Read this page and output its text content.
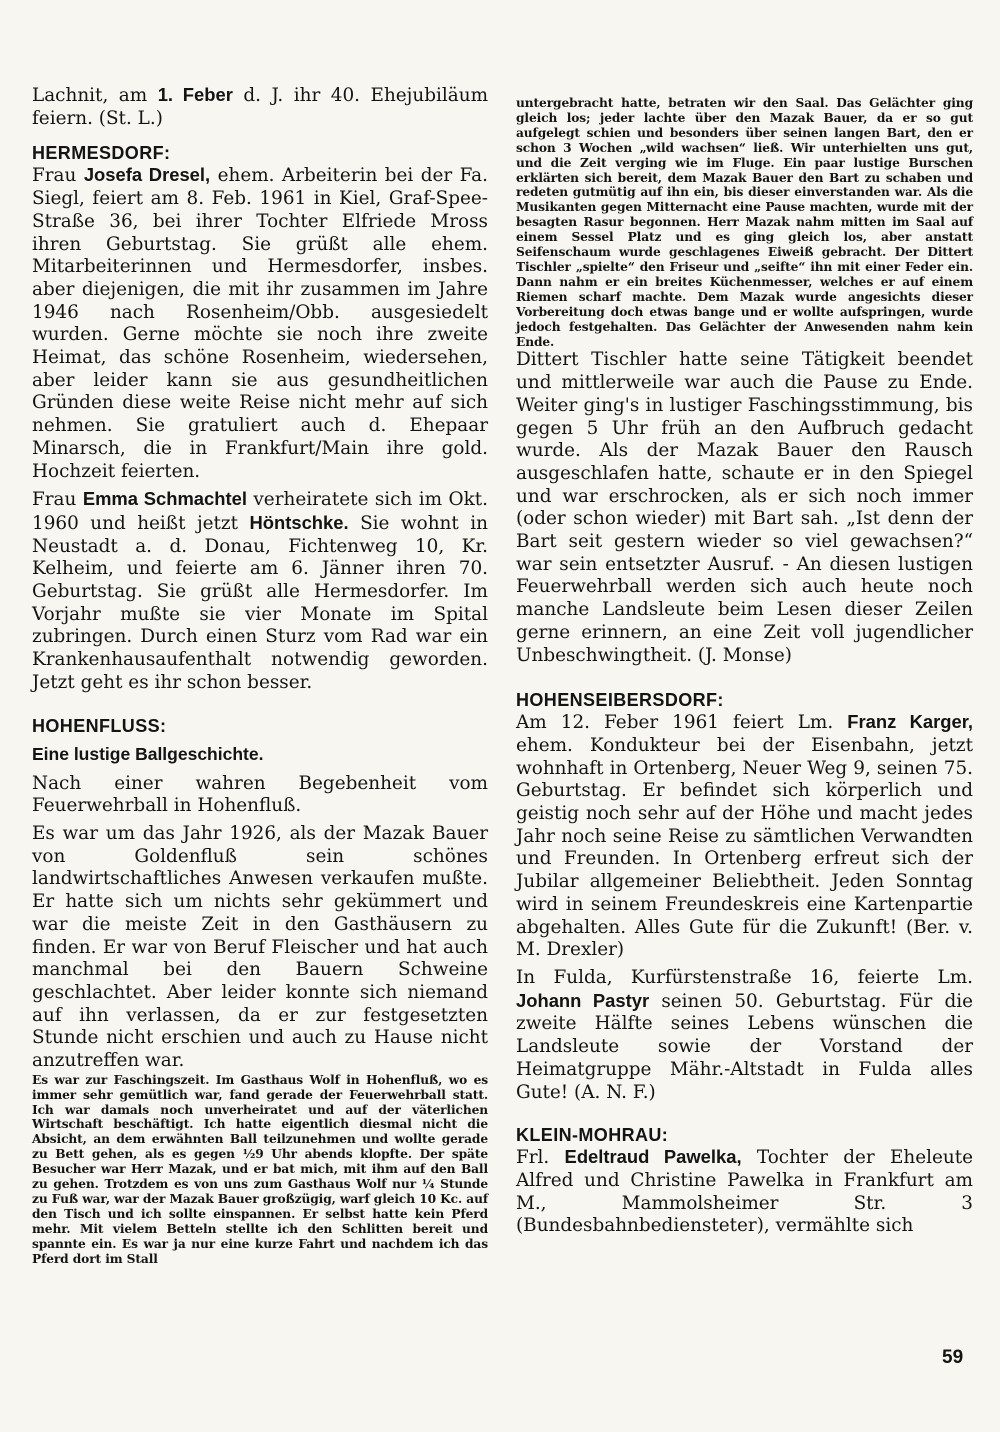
Lachnit, am 1. Feber d. J. ihr 40. Ehejubiläum feiern. (St. L.)

HERMESDORF:

Frau Josefa Dresel, ehem. Arbeiterin bei der Fa. Siegl, feiert am 8. Feb. 1961 in Kiel, Graf-Spee-Straße 36, bei ihrer Tochter Elfriede Mross ihren Geburtstag. Sie grüßt alle ehem. Mitarbeiterinnen und Hermesdorfer, insbes. aber diejenigen, die mit ihr zusammen im Jahre 1946 nach Rosenheim/Obb. ausgesiedelt wurden. Gerne möchte sie noch ihre zweite Heimat, das schöne Rosenheim, wiedersehen, aber leider kann sie aus gesundheitlichen Gründen diese weite Reise nicht mehr auf sich nehmen. Sie gratuliert auch d. Ehepaar Minarsch, die in Frankfurt/Main ihre gold. Hochzeit feierten.

Frau Emma Schmachtel verheiratete sich im Okt. 1960 und heißt jetzt Höntschke. Sie wohnt in Neustadt a. d. Donau, Fichtenweg 10, Kr. Kelheim, und feierte am 6. Jänner ihren 70. Geburtstag. Sie grüßt alle Hermesdorfer. Im Vorjahr mußte sie vier Monate im Spital zubringen. Durch einen Sturz vom Rad war ein Krankenhausaufenthalt notwendig geworden. Jetzt geht es ihr schon besser.

HOHENFLUSS:
Eine lustige Ballgeschichte.

Nach einer wahren Begebenheit vom Feuerwehrball in Hohenfluß.

Es war um das Jahr 1926, als der Mazak Bauer von Goldenfluß sein schönes landwirtschaftliches Anwesen verkaufen mußte. Er hatte sich um nichts sehr gekümmert und war die meiste Zeit in den Gasthäusern zu finden. Er war von Beruf Fleischer und hat auch manchmal bei den Bauern Schweine geschlachtet. Aber leider konnte sich niemand auf ihn verlassen, da er zur festgesetzten Stunde nicht erschien und auch zu Hause nicht anzutreffen war.

Es war zur Faschingszeit. Im Gasthaus Wolf in Hohenfluß, wo es immer sehr gemütlich war, fand gerade der Feuerwehrball statt. Ich war damals noch unverheiratet und auf der väterlichen Wirtschaft beschäftigt. Ich hatte eigentlich diesmal nicht die Absicht, an dem erwähnten Ball teilzunehmen und wollte gerade zu Bett gehen, als es gegen ½9 Uhr abends klopfte. Der späte Besucher war Herr Mazak, und er bat mich, mit ihm auf den Ball zu gehen. Trotzdem es von uns zum Gasthaus Wolf nur ¼ Stunde zu Fuß war, war der Mazak Bauer großzügig, warf gleich 10 Kc. auf den Tisch und ich sollte einspannen. Er selbst hatte kein Pferd mehr. Mit vielem Betteln stellte ich den Schlitten bereit und spannte ein. Es war ja nur eine kurze Fahrt und nachdem ich das Pferd dort im Stall

untergebracht hatte, betraten wir den Saal. Das Gelächter ging gleich los; jeder lachte über den Mazak Bauer, da er so gut aufgelegt schien und besonders über seinen langen Bart, den er schon 3 Wochen „wild wachsen“ ließ. Wir unterhielten uns gut, und die Zeit verging wie im Fluge. Ein paar lustige Burschen erklärten sich bereit, dem Mazak Bauer den Bart zu schaben und redeten gutmütig auf ihn ein, bis dieser einverstanden war. Als die Musikanten gegen Mitternacht eine Pause machten, wurde mit der besagten Rasur begonnen. Herr Mazak nahm mitten im Saal auf einem Sessel Platz und es ging gleich los, aber anstatt Seifenschaum wurde geschlagenes Eiweiß gebracht. Der Dittert Tischler „spielte“ den Friseur und „seifte“ ihn mit einer Feder ein. Dann nahm er ein breites Küchenmesser, welches er auf einem Riemen scharf machte. Dem Mazak wurde angesichts dieser Vorbereitung doch etwas bange und er wollte aufspringen, wurde jedoch festgehalten. Das Gelächter der Anwesenden nahm kein Ende.

Dittert Tischler hatte seine Tätigkeit beendet und mittlerweile war auch die Pause zu Ende. Weiter ging's in lustiger Faschingsstimmung, bis gegen 5 Uhr früh an den Aufbruch gedacht wurde. Als der Mazak Bauer den Rausch ausgeschlafen hatte, schaute er in den Spiegel und war erschrocken, als er sich noch immer (oder schon wieder) mit Bart sah. „Ist denn der Bart seit gestern wieder so viel gewachsen?“ war sein entsetzter Ausruf. - An diesen lustigen Feuerwehrball werden sich auch heute noch manche Landsleute beim Lesen dieser Zeilen gerne erinnern, an eine Zeit voll jugendlicher Unbeschwingtheit. (J. Monse)

HOHENSEIBERSDORF:

Am 12. Feber 1961 feiert Lm. Franz Karger, ehem. Kondukteur bei der Eisenbahn, jetzt wohnhaft in Ortenberg, Neuer Weg 9, seinen 75. Geburtstag. Er befindet sich körperlich und geistig noch sehr auf der Höhe und macht jedes Jahr noch seine Reise zu sämtlichen Verwandten und Freunden. In Ortenberg erfreut sich der Jubilar allgemeiner Beliebtheit. Jeden Sonntag wird in seinem Freundeskreis eine Kartenpartie abgehalten. Alles Gute für die Zukunft! (Ber. v. M. Drexler)

In Fulda, Kurfürstenstraße 16, feierte Lm. Johann Pastyr seinen 50. Geburtstag. Für die zweite Hälfte seines Lebens wünschen die Landsleute sowie der Vorstand der Heimatgruppe Mähr.-Altstadt in Fulda alles Gute! (A. N. F.)

KLEIN-MOHRAU:

Frl. Edeltraud Pawelka, Tochter der Eheleute Alfred und Christine Pawelka in Frankfurt am M., Mammolsheimer Str. 3 (Bundesbahnbediensteter), vermählte sich

59
